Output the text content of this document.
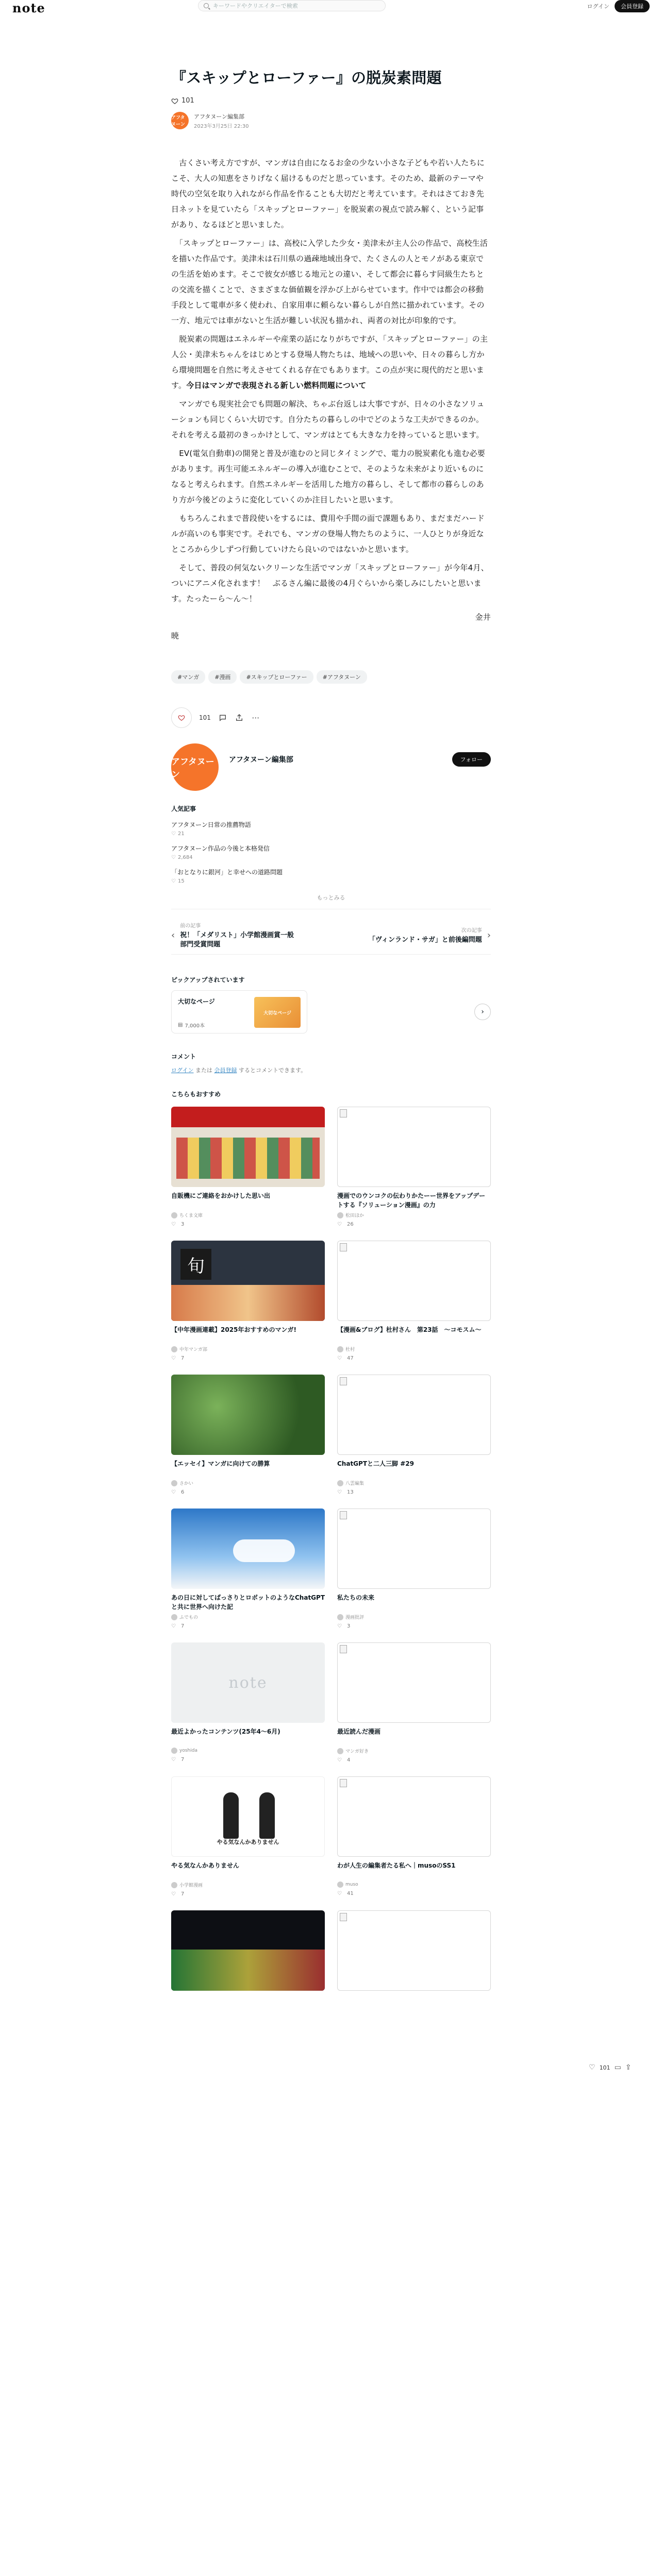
note	キーワードやクリエイターで検索	ログイン	会員登録
『スキップとローファー』の脱炭素問題
101
アフタヌーン
アフタヌーン編集部
2023年3月25日 22:30

　古くさい考え方ですが、マンガは自由になるお金の少ない小さな子どもや若い人たちにこそ、大人の知恵をさりげなく届けるものだと思っています。そのため、最新のテーマや時代の空気を取り入れながら作品を作ることも大切だと考えています。それはさておき先日ネットを見ていたら「スキップとローファー」を脱炭素の視点で読み解く、という記事があり、なるほどと思いました。

　「スキップとローファー」は、高校に入学した少女・美津未が主人公の作品で、高校生活を描いた作品です。美津未は石川県の過疎地域出身で、たくさんの人とモノがある東京での生活を始めます。そこで彼女が感じる地元との違い、そして都会に暮らす同級生たちとの交流を描くことで、さまざまな価値観を浮かび上がらせています。作中では都会の移動手段として電車が多く使われ、自家用車に頼らない暮らしが自然に描かれています。その一方、地元では車がないと生活が難しい状況も描かれ、両者の対比が印象的です。

　脱炭素の問題はエネルギーや産業の話になりがちですが、「スキップとローファー」の主人公・美津未ちゃんをはじめとする登場人物たちは、地域への思いや、日々の暮らし方から環境問題を自然に考えさせてくれる存在でもあります。この点が実に現代的だと思います。今日はマンガで表現される新しい燃料問題について

　マンガでも現実社会でも問題の解決、ちゃぶ台返しは大事ですが、日々の小さなソリューションも同じくらい大切です。自分たちの暮らしの中でどのような工夫ができるのか。それを考える最初のきっかけとして、マンガはとても大きな力を持っていると思います。

　EV(電気自動車)の開発と普及が進むのと同じタイミングで、電力の脱炭素化も進む必要があります。再生可能エネルギーの導入が進むことで、そのような未来がより近いものになると考えられます。自然エネルギーを活用した地方の暮らし、そして都市の暮らしのあり方が今後どのように変化していくのか注目したいと思います。

　もちろんこれまで普段使いをするには、費用や手間の面で課題もあり、まだまだハードルが高いのも事実です。それでも、マンガの登場人物たちのように、一人ひとりが身近なところから少しずつ行動していけたら良いのではないかと思います。

　そして、普段の何気ないクリーンな生活でマンガ「スキップとローファー」が今年4月、ついにアニメ化されます！　ぶるさん編に最後の4月ぐらいから楽しみにしたいと思います。たったーら～ん～！

金井
暁
#マンガ	#漫画	#スキップとローファー	#アフタヌーン
101	⋯
アフタヌーン
アフタヌーン編集部	フォロー
人気記事
アフタヌーン日常の推薦物語
♡ 21
アフタヌーン作品の今後と本格発信
♡ 2,684
「おとなりに銀河」と幸せへの道路問題
♡ 15
もっとみる
‹
前の記事
祝！「メダリスト」小学館漫画賞一般部門受賞問題
次の記事
「ヴィンランド・サガ」と前後編問題 ›
ピックアップされています
大切なページ
▤ 7,000本
大切なページ	›
コメント
ログイン または 会員登録 するとコメントできます。
こちらもおすすめ
自販機にご連絡をおかけした思い出
ちくま文庫
♡ 3
漫画でのウンコクの伝わりかたーー世界をアップデートする『ソリューション漫画』の力
松田ほか
♡ 26
旬
【中年漫画連載】2025年おすすめのマンガ!
中年マンガ部
♡ 7
【漫画&ブログ】杜村さん　第23話　〜コモスム〜
杜村
♡ 47
【エッセイ】マンガに向けての勝算
さかい
♡ 6
ChatGPTと二人三脚 #29
八雲編集
♡ 13
あの日に対してばっさりとロボットのようなChatGPTと共に世界へ向けた記
ふでもの
♡ 7
私たちの未来
漫画批評
♡ 3
note
最近よかったコンテンツ(25年4〜6月)
yoshida
♡ 7
最近読んだ漫画
マンガ好き
♡ 4
やる気なんかありません
やる気なんかありません
小学館漫画
♡ 7
わが人生の編集者たる私へ｜musoのSS1
muso
♡ 41
♡ 101 ▭ ⇪
